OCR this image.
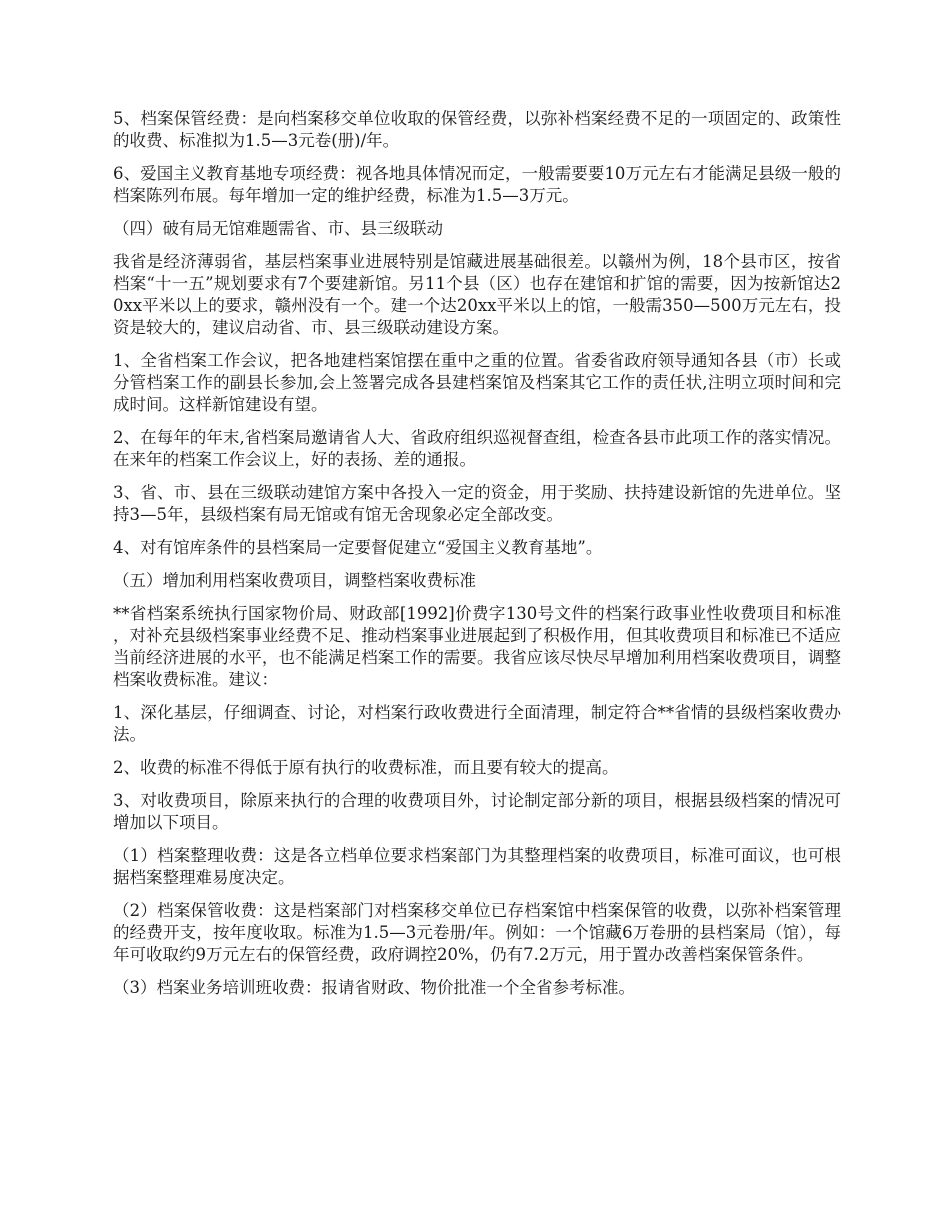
5、档案保管经费：是向档案移交单位收取的保管经费，以弥补档案经费不足的一项固定的、政策性的收费、标准拟为1.5—3元卷(册)/年。

6、爱国主义教育基地专项经费：视各地具体情况而定，一般需要要10万元左右才能满足县级一般的档案陈列布展。每年增加一定的维护经费，标准为1.5—3万元。

（四）破有局无馆难题需省、市、县三级联动

我省是经济薄弱省，基层档案事业进展特别是馆藏进展基础很差。以赣州为例，18个县市区，按省档案“十一五”规划要求有7个要建新馆。另11个县（区）也存在建馆和扩馆的需要，因为按新馆达20xx平米以上的要求，赣州没有一个。建一个达20xx平米以上的馆，一般需350—500万元左右，投资是较大的，建议启动省、市、县三级联动建设方案。

1、全省档案工作会议，把各地建档案馆摆在重中之重的位置。省委省政府领导通知各县（市）长或分管档案工作的副县长参加,会上签署完成各县建档案馆及档案其它工作的责任状,注明立项时间和完成时间。这样新馆建设有望。

2、在每年的年末,省档案局邀请省人大、省政府组织巡视督查组，检查各县市此项工作的落实情况。在来年的档案工作会议上，好的表扬、差的通报。

3、省、市、县在三级联动建馆方案中各投入一定的资金，用于奖励、扶持建设新馆的先进单位。坚持3—5年，县级档案有局无馆或有馆无舍现象必定全部改变。

4、对有馆库条件的县档案局一定要督促建立“爱国主义教育基地”。

（五）增加利用档案收费项目，调整档案收费标准

**省档案系统执行国家物价局、财政部[1992]价费字130号文件的档案行政事业性收费项目和标准，对补充县级档案事业经费不足、推动档案事业进展起到了积极作用，但其收费项目和标准已不适应当前经济进展的水平，也不能满足档案工作的需要。我省应该尽快尽早增加利用档案收费项目，调整档案收费标准。建议：

1、深化基层，仔细调查、讨论，对档案行政收费进行全面清理，制定符合**省情的县级档案收费办法。

2、收费的标准不得低于原有执行的收费标准，而且要有较大的提高。

3、对收费项目，除原来执行的合理的收费项目外，讨论制定部分新的项目，根据县级档案的情况可增加以下项目。

（1）档案整理收费：这是各立档单位要求档案部门为其整理档案的收费项目，标准可面议，也可根据档案整理难易度决定。

（2）档案保管收费：这是档案部门对档案移交单位已存档案馆中档案保管的收费，以弥补档案管理的经费开支，按年度收取。标准为1.5—3元卷册/年。例如：一个馆藏6万卷册的县档案局（馆），每年可收取约9万元左右的保管经费，政府调控20%，仍有7.2万元，用于置办改善档案保管条件。

（3）档案业务培训班收费：报请省财政、物价批准一个全省参考标准。
